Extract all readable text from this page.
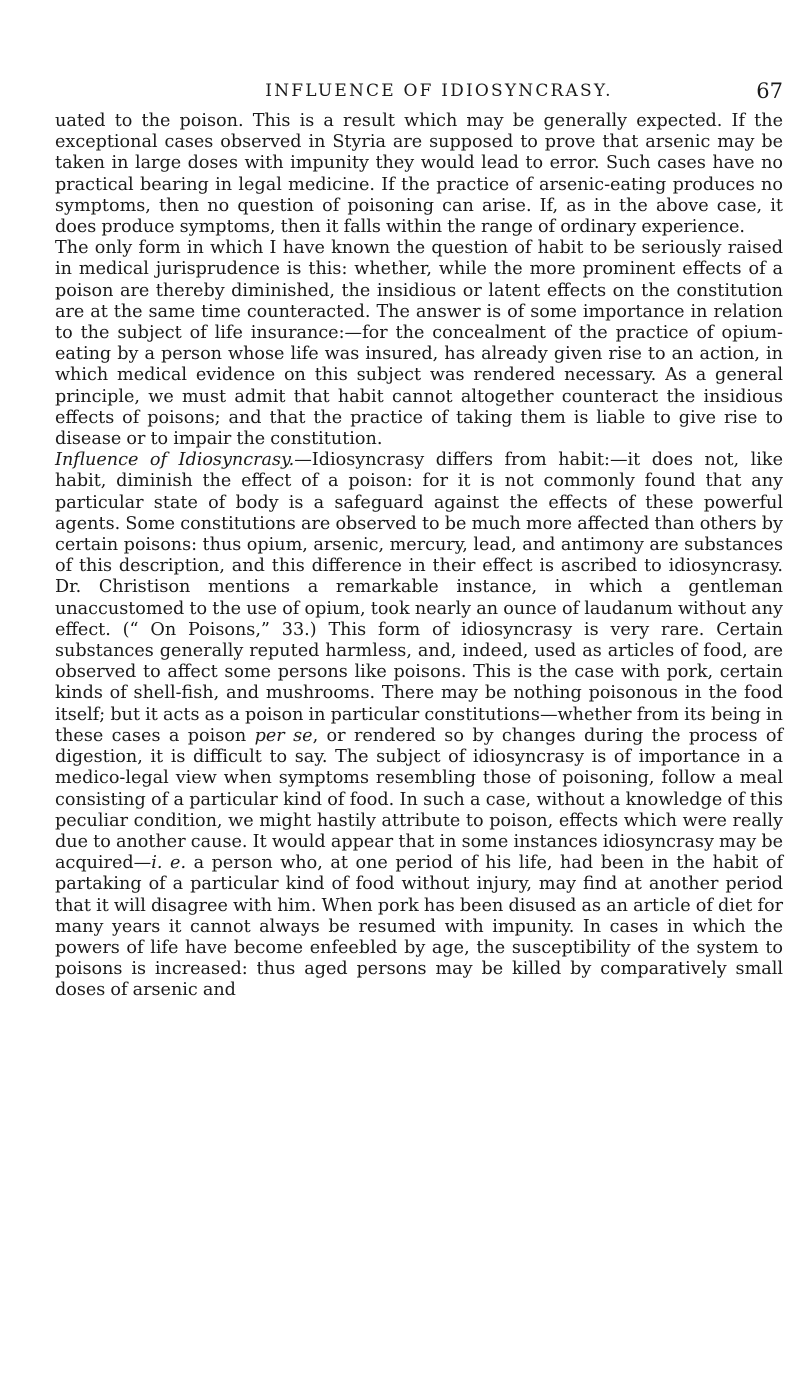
INFLUENCE OF IDIOSYNCRASY.	67

uated to the poison. This is a result which may be generally expected. If the exceptional cases observed in Styria are supposed to prove that arsenic may be taken in large doses with impunity they would lead to error. Such cases have no practical bearing in legal medicine. If the practice of arsenic-eating produces no symptoms, then no question of poisoning can arise. If, as in the above case, it does produce symptoms, then it falls within the range of ordinary experience.

The only form in which I have known the question of habit to be seriously raised in medical jurisprudence is this: whether, while the more prominent effects of a poison are thereby diminished, the insidious or latent effects on the constitution are at the same time counteracted. The answer is of some importance in relation to the subject of life insurance:—for the concealment of the practice of opium-eating by a person whose life was insured, has already given rise to an action, in which medical evidence on this subject was rendered necessary. As a general principle, we must admit that habit cannot altogether counteract the insidious effects of poisons; and that the practice of taking them is liable to give rise to disease or to impair the constitution.

Influence of Idiosyncrasy.—Idiosyncrasy differs from habit:—it does not, like habit, diminish the effect of a poison: for it is not commonly found that any particular state of body is a safeguard against the effects of these powerful agents. Some constitutions are observed to be much more affected than others by certain poisons: thus opium, arsenic, mercury, lead, and antimony are substances of this description, and this difference in their effect is ascribed to idiosyncrasy. Dr. Christison mentions a remarkable instance, in which a gentleman unaccustomed to the use of opium, took nearly an ounce of laudanum without any effect. (“ On Poisons,” 33.) This form of idiosyncrasy is very rare. Certain substances generally reputed harmless, and, indeed, used as articles of food, are observed to affect some persons like poisons. This is the case with pork, certain kinds of shell-fish, and mushrooms. There may be nothing poisonous in the food itself; but it acts as a poison in particular constitutions—whether from its being in these cases a poison per se, or rendered so by changes during the process of digestion, it is difficult to say. The subject of idiosyncrasy is of importance in a medico-legal view when symptoms resembling those of poisoning, follow a meal consisting of a particular kind of food. In such a case, without a knowledge of this peculiar condition, we might hastily attribute to poison, effects which were really due to another cause. It would appear that in some instances idiosyncrasy may be acquired—i. e. a person who, at one period of his life, had been in the habit of partaking of a particular kind of food without injury, may find at another period that it will disagree with him. When pork has been disused as an article of diet for many years it cannot always be resumed with impunity. In cases in which the powers of life have become enfeebled by age, the susceptibility of the system to poisons is increased: thus aged persons may be killed by comparatively small doses of arsenic and
